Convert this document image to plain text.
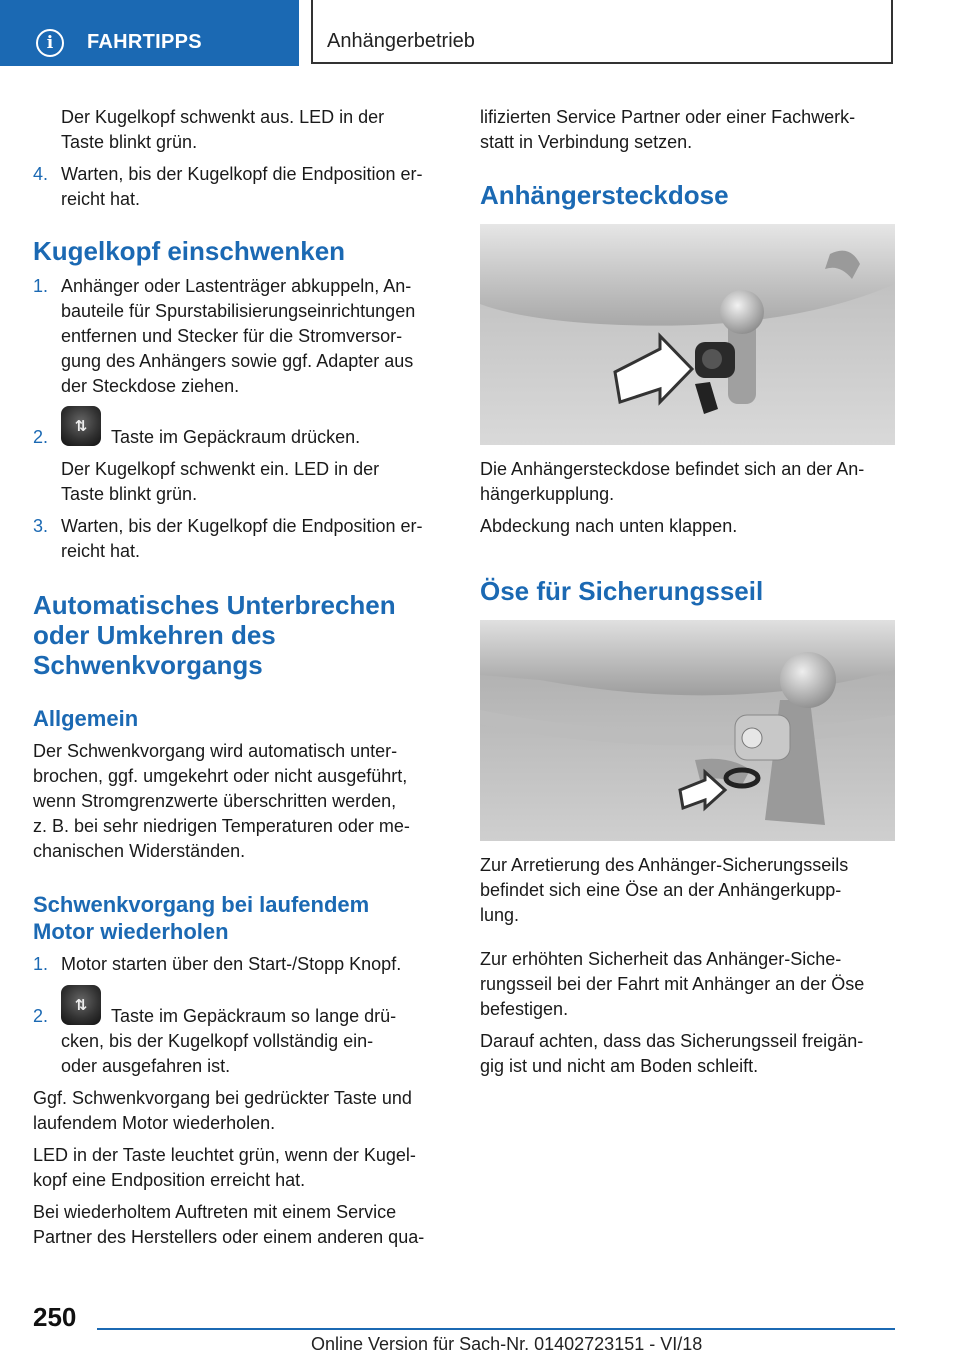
i	FAHRTIPPS	Anhängerbetrieb

Der Kugelkopf schwenkt aus. LED in der

Taste blinkt grün.

4. Warten, bis der Kugelkopf die Endposition er-

reicht hat.

Kugelkopf einschwenken
1. Anhänger oder Lastenträger abkuppeln, An-

bauteile für Spurstabilisierungseinrichtungen

entfernen und Stecker für die Stromversor-

gung des Anhängers sowie ggf. Adapter aus

der Steckdose ziehen.

2.
⇅

Taste im Gepäckraum drücken.

Der Kugelkopf schwenkt ein. LED in der

Taste blinkt grün.

3. Warten, bis der Kugelkopf die Endposition er-

reicht hat.

Automatisches Unterbrechen
oder Umkehren des
Schwenkvorgangs
Allgemein

Der Schwenkvorgang wird automatisch unter-

brochen, ggf. umgekehrt oder nicht ausgeführt,

wenn Stromgrenzwerte überschritten werden,

z. B. bei sehr niedrigen Temperaturen oder me-

chanischen Widerständen.

Schwenkvorgang bei laufendem
Motor wiederholen
1. Motor starten über den Start-/Stopp Knopf.

2.
⇅

Taste im Gepäckraum so lange drü-

cken, bis der Kugelkopf vollständig ein-

oder ausgefahren ist.

Ggf. Schwenkvorgang bei gedrückter Taste und

laufendem Motor wiederholen.

LED in der Taste leuchtet grün, wenn der Kugel-

kopf eine Endposition erreicht hat.

Bei wiederholtem Auftreten mit einem Service

Partner des Herstellers oder einem anderen qua-

lifizierten Service Partner oder einer Fachwerk-

statt in Verbindung setzen.

Anhängersteckdose

Die Anhängersteckdose befindet sich an der An-

hängerkupplung.

Abdeckung nach unten klappen.

Öse für Sicherungsseil

Zur Arretierung des Anhänger-Sicherungsseils

befindet sich eine Öse an der Anhängerkupp-

lung.

Zur erhöhten Sicherheit das Anhänger-Siche-

rungsseil bei der Fahrt mit Anhänger an der Öse

befestigen.

Darauf achten, dass das Sicherungsseil freigän-

gig ist und nicht am Boden schleift.

250
Online Version für Sach-Nr. 01402723151 - VI/18
